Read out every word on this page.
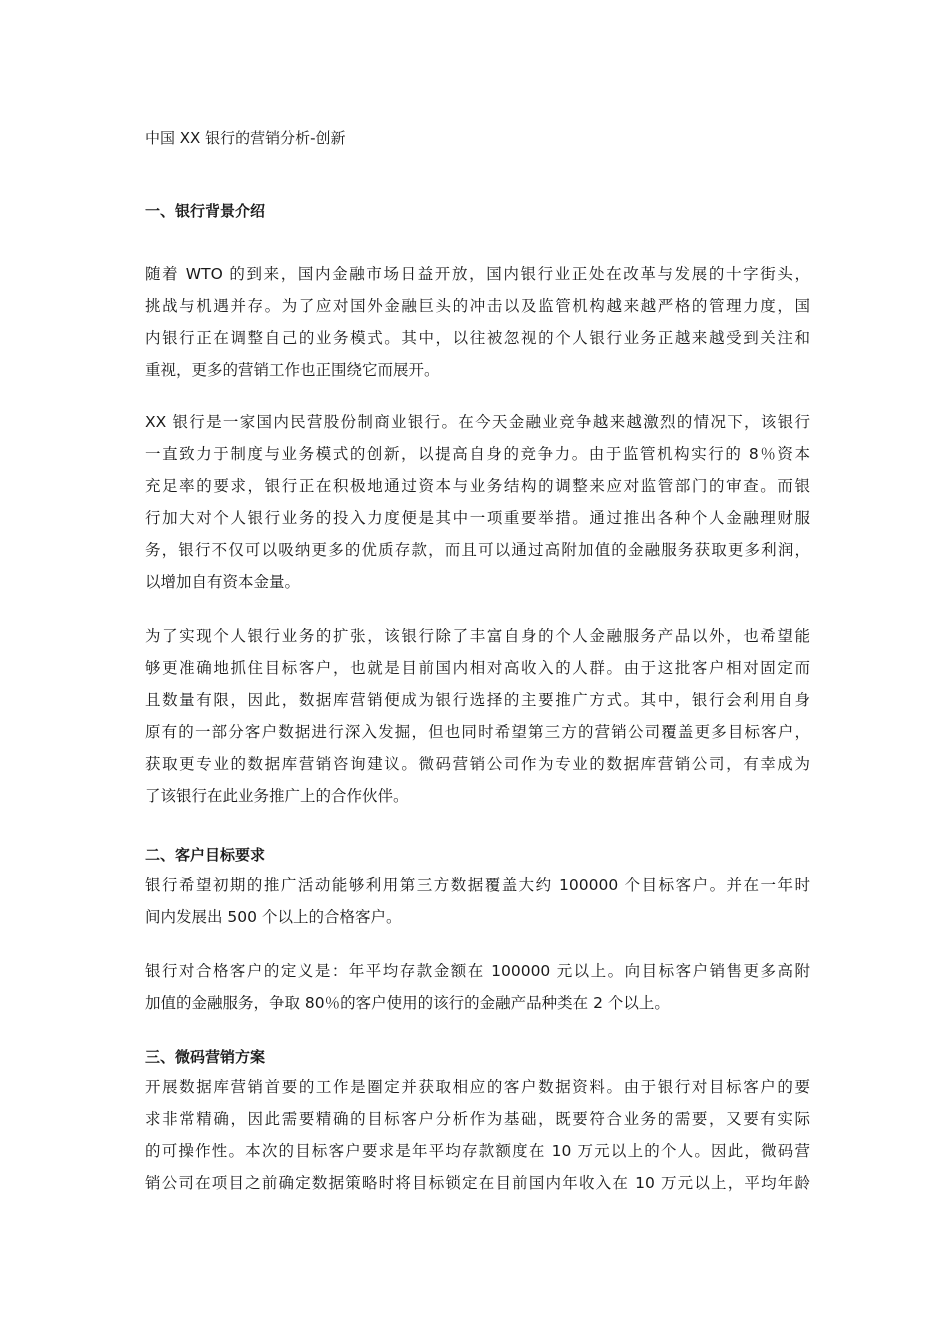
中国 XX 银行的营销分析-创新
一、银行背景介绍
随着 WTO 的到来，国内金融市场日益开放，国内银行业正处在改革与发展的十字街头，
挑战与机遇并存。为了应对国外金融巨头的冲击以及监管机构越来越严格的管理力度，国
内银行正在调整自己的业务模式。其中，以往被忽视的个人银行业务正越来越受到关注和
重视，更多的营销工作也正围绕它而展开。
XX 银行是一家国内民营股份制商业银行。在今天金融业竞争越来越激烈的情况下，该银行
一直致力于制度与业务模式的创新，以提高自身的竞争力。由于监管机构实行的 8％资本
充足率的要求，银行正在积极地通过资本与业务结构的调整来应对监管部门的审查。而银
行加大对个人银行业务的投入力度便是其中一项重要举措。通过推出各种个人金融理财服
务，银行不仅可以吸纳更多的优质存款，而且可以通过高附加值的金融服务获取更多利润，
以增加自有资本金量。
为了实现个人银行业务的扩张，该银行除了丰富自身的个人金融服务产品以外，也希望能
够更准确地抓住目标客户，也就是目前国内相对高收入的人群。由于这批客户相对固定而
且数量有限，因此，数据库营销便成为银行选择的主要推广方式。其中，银行会利用自身
原有的一部分客户数据进行深入发掘，但也同时希望第三方的营销公司覆盖更多目标客户，
获取更专业的数据库营销咨询建议。微码营销公司作为专业的数据库营销公司，有幸成为
了该银行在此业务推广上的合作伙伴。
二、客户目标要求
银行希望初期的推广活动能够利用第三方数据覆盖大约 100000 个目标客户。并在一年时
间内发展出 500 个以上的合格客户。
银行对合格客户的定义是：年平均存款金额在 100000 元以上。向目标客户销售更多高附
加值的金融服务，争取 80％的客户使用的该行的金融产品种类在 2 个以上。
三、微码营销方案
开展数据库营销首要的工作是圈定并获取相应的客户数据资料。由于银行对目标客户的要
求非常精确，因此需要精确的目标客户分析作为基础，既要符合业务的需要，又要有实际
的可操作性。本次的目标客户要求是年平均存款额度在 10 万元以上的个人。因此，微码营
销公司在项目之前确定数据策略时将目标锁定在目前国内年收入在 10 万元以上，平均年龄
